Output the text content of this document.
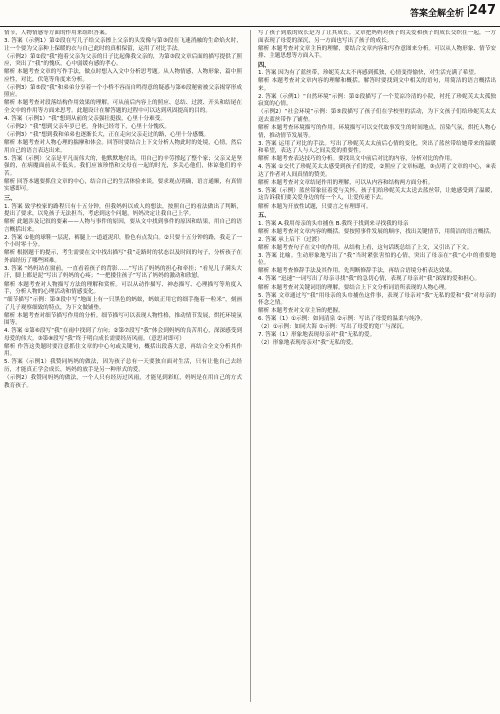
答案全解全析 247

情节，人物情感等方面的作用来组织答案。

3. 答案（示例1）第②段在写儿子给父亲擦上父亲的头发像与第③段在飞速消融的生命焰火时，让一个要为父亲种上保暖的衣与自己此时的真相保留，运用了对比手法。

（示例2）第②段“我”抱着父亲为父亲的日子比起像我父亲的，为第③段文章后面的描写提供了照应，突出了“我”的愧疚，心中弱缓有感的孝心。

解析 本题考查文章的写作手法，做点时想入入文中分析思考题。从人物情感，人物形象，篇中照应性，对比，伏笔等角度来分析。

（示例3）第⑤段“我”和弟弟分享着一个小桥不容而自鸣得意的疑惑与第⑥段秘密被父亲揭穿形成照应。

解析 本题考查对段落结构作用效果的理解。可从前后内容上的照应、总结、过渡、开头和结尾在全文中的作用等方面来思考。此题设计在解答题的过程中可以达到巩固提高的目的。

4. 答案（示例1）“我”想到从前的父亲强壮挺拔，心里十分难受。

（示例2）“我”想到父亲年岁已老，身体已经弯下，心里十分愧疚。

（示例3）“我”想到我和弟弟也逐渐长大，正在走向父亲走过的路，心里十分感慨。

解析 本题考查对人物心理的揣摩和体会。回答时要结合上下文分析人物此时的处境，心情，然后用自己的语言表达出来。

5. 答案（示例）父亲是平凡而伟大的，他默默地付出，用自己的辛劳撑起了整个家；父亲又是坚强的，在病魔面前从不低头。我们应该珍惜和父母在一起的时光，多关心他们，体谅他们的辛苦。

解析 回答本题要抓住文章的中心，结合自己的生活体验来谈，要求观点明确，语言通顺，有真情实感即可。

三、

1. 答案 致学校家的路程只有十五分钟，但我妈妈以成人的想法，按照自己的看法做出了判断，提出了要求，以免孩子无法担当，考虑到这个问题，妈妈决定让我自己上学。

解析 此题涉及记叙的要素——人物与事件的原因，要从文中找到事件的原因和结果，用自己的语言概括出来。

2. 答案 ①他的球鞋一层泥，裤腿上一道道泥印，脸色有点发白。②只要十五分钟的路，我走了一个小时零十分。

解析 根据题干的提示，考生需要在文中找出描写“我”走路时的状态以及时间的句子，分析孩子在外面经历了哪些困难。

3. 答案 “妈妈站在窗前，一直看着孩子的背影……”写出了妈妈的担心和牵挂；“看见儿子满头大汗，脚上都是泥”写出了妈妈的心疼；“一把搂住孩子”写出了妈妈的激动和欣慰。

解析 本题考查对人物描写方法的理解和赏析。可以从动作描写、神态描写、心理描写等角度入手，分析人物的心理活动和情感变化。

“细节描写”示例：第③段中写“地面上有一只黑色的蚂蚁，蚂蚁正用它的细手拖着一粒米”，刻画了儿子观察细致的特点，为下文做铺垫。

解析 本题考查对细节描写作用的分析。细节描写可以表现人物性格，推动情节发展，烘托环境氛围等。

4. 答案 ①第⑥段写“我”在雨中找到了方向；②第⑦段写“我”体会到妈妈的良苦用心，深深感受到母爱的伟大。③第⑧段写“我”终于明白成长需要经历风雨。（意思对即可）

解析 作答这类题时要注意抓住文章的中心句或关键句，概括出段落大意，再结合全文分析其作用。

5. 答案（示例1）我赞同妈妈的做法，因为孩子总有一天要独自面对生活，只有让他自己去经历，才能真正学会成长，妈妈的放手是另一种形式的爱。

（示例2）我赞同妈妈的做法，一个人只有经历过风雨，才能见到彩虹，妈妈是在用自己的方式教育孩子。

写了孩子到底的成长是为了让其成长。文章把妈妈对孩子的关爱和孩子的成长交织在一起，一方面表现了母爱的深沉，另一方面也写出了孩子的成长。

解析 本题考查对文章主旨的理解，要结合文章内容和写作意图来分析。可以从人物形象、情节安排、主题思想等方面入手。

四、

1. 答案 因为有了蓝丝带，珍妮芙太太不再感到孤独，心情变得愉快，对生活充满了希望。

解析 本题考查对文章内容的理解和概括。解答时要找到文中相关的语句，用简洁的语言概括出来。

2. 答案（示例1）“自然环境”示例：第②段描写了一个荒凉冷清的小院，衬托了珍妮芙太太孤独寂寞的心情。

（示例2）“社会环境”示例：第⑤段描写了孩子们在学校里的活动，为下文孩子们给珍妮芙太太送去蓝丝带作了铺垫。

解析 本题考查环境描写的作用。环境描写可以交代故事发生的时间地点，渲染气氛，烘托人物心情，推动情节发展等。

3. 答案 运用了对比的手法。写出了珍妮芙太太前后心情的变化，突出了蓝丝带给她带来的温暖和希望，表达了人与人之间关爱的重要性。

解析 本题考查表达技巧的分析。要找出文中前后对比的内容，分析对比的作用。

4. 答案 ①交代了珍妮芙太太感受到孩子们的爱，②照应了文章标题，③点明了文章的中心，④表达了作者对人间真情的赞美。

解析 本题考查对文章结尾作用的理解，可以从内容和结构两方面分析。

5. 答案（示例）蓝丝带象征着爱与关怀。孩子们给珍妮芙太太送去蓝丝带，让她感受到了温暖，这告诉我们要关爱身边的每一个人，让爱传递下去。

解析 本题为开放性试题，只要言之有理即可。

五、

1. 答案 A.我用母亲的头巾捕鱼 B.我终于找到来寻找我的母亲

解析 本题考查对文章内容的概括。要按照事件发展的顺序，找出关键情节，用简洁的语言概括。

2. 答案 承上启下（过渡）

解析 本题考查句子在文中的作用。从结构上看，这句话既总结了上文，又引出了下文。

3. 答案 比喻。生动形象地写出了“我”当时紧张害怕的心情，突出了母亲在“我”心中的重要地位。

解析 本题考查修辞手法及其作用。先判断修辞手法，再结合语境分析表达效果。

4. 答案 “迅速”一词写出了母亲寻找“我”的急切心情，表现了母亲对“我”深深的爱和担心。

解析 本题考查对关键词语的理解。要结合上下文分析词语所表现的人物心理。

5. 答案 文章通过写“我”用母亲的头巾捕鱼这件事，表现了母亲对“我”无私的爱和“我”对母亲的怀念之情。

解析 本题考查对文章主旨的把握。

6. 答案（1）①示例：如同清泉 ②示例：写出了母爱的温柔与纯净。

（2）①示例：如同大海 ②示例：写出了母爱的宽广与深沉。

7. 答案（1）形象地表现母亲对“我”无私的爱。

（2）形象地表现母亲对“我”无私的爱。
